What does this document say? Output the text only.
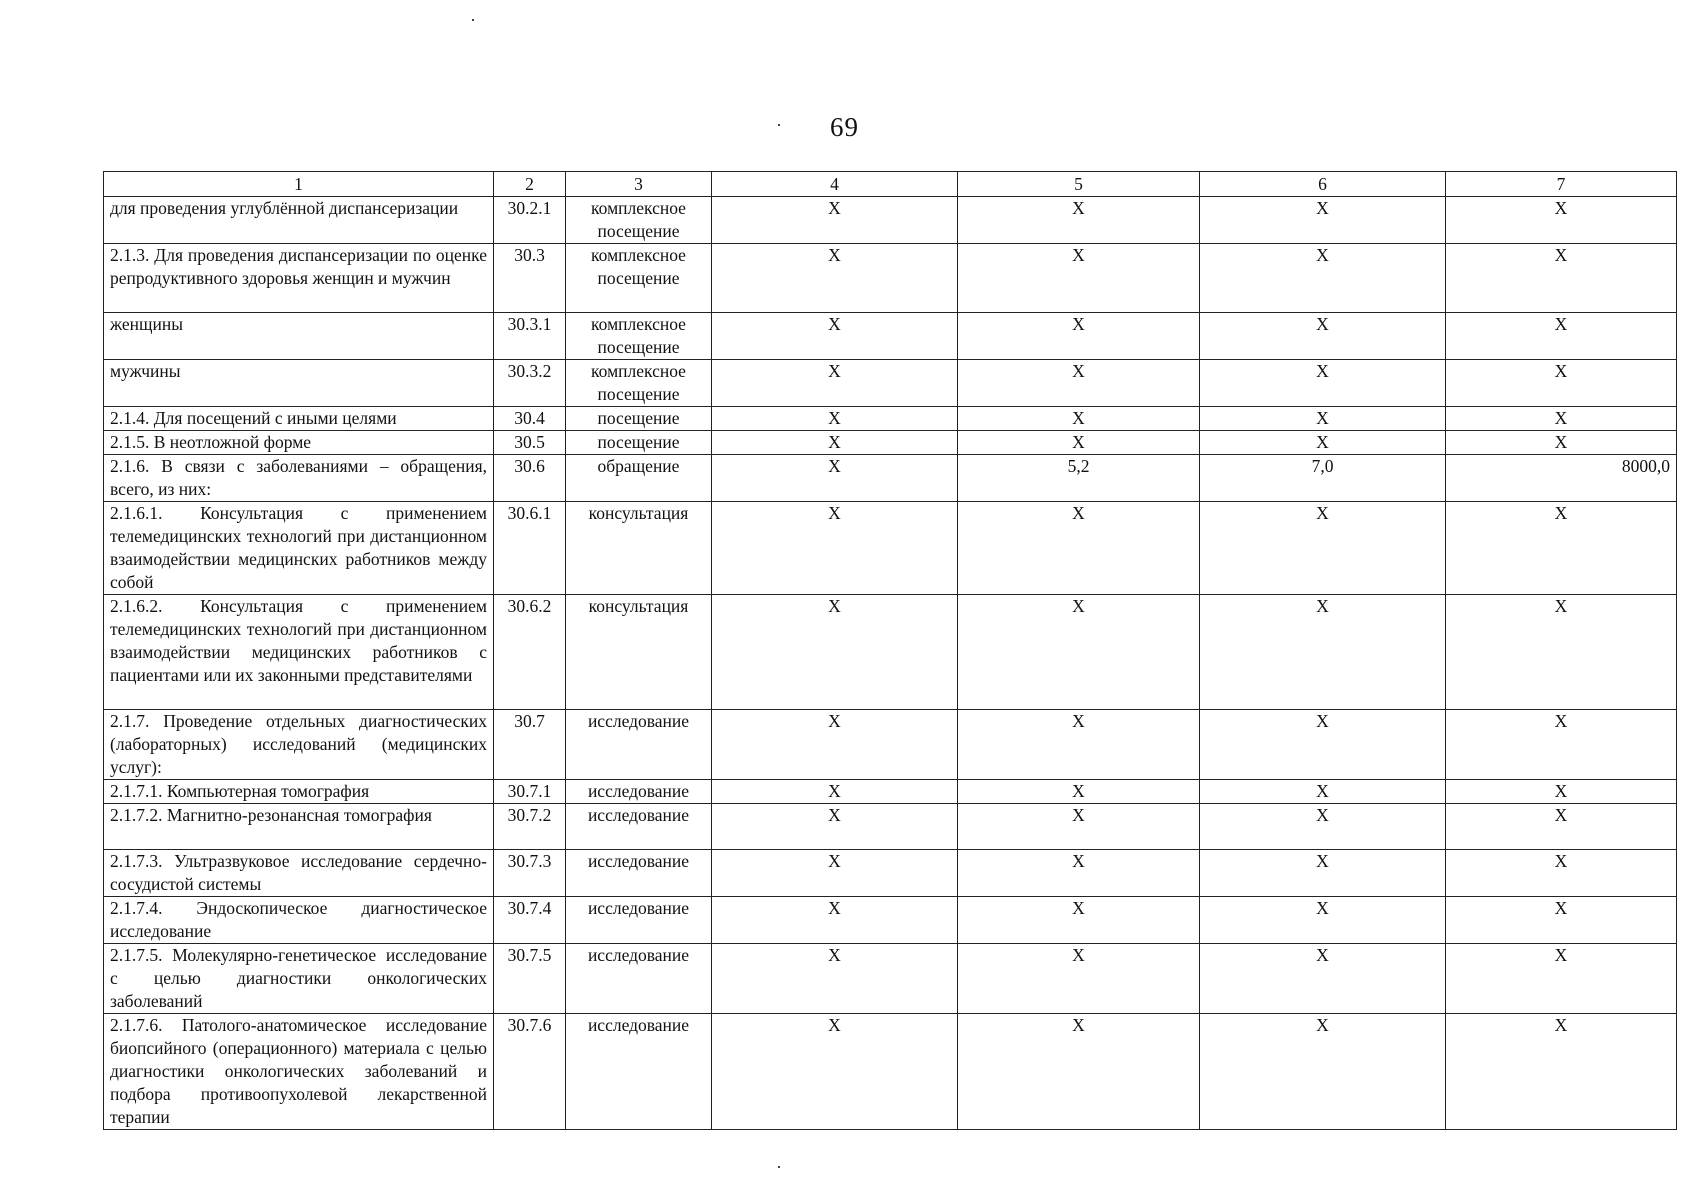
69
1	2	3	4	5	6	7
для проведения углублённой диспансеризации	30.2.1	комплексное посещение	X	X	X	X
2.1.3. Для проведения диспансеризации по оценке репродуктивного здоровья женщин и мужчин	30.3	комплексное посещение	X	X	X	X
женщины	30.3.1	комплексное посещение	X	X	X	X
мужчины	30.3.2	комплексное посещение	X	X	X	X
2.1.4. Для посещений с иными целями	30.4	посещение	X	X	X	X
2.1.5. В неотложной форме	30.5	посещение	X	X	X	X
2.1.6. В связи с заболеваниями – обращения, всего, из них:	30.6	обращение	X	5,2	7,0	8000,0
2.1.6.1. Консультация с применением телемедицинских технологий при дистанционном взаимодействии медицинских работников между собой	30.6.1	консультация	X	X	X	X
2.1.6.2. Консультация с применением телемедицинских технологий при дистанционном взаимодействии медицинских работников с пациентами или их законными представителями	30.6.2	консультация	X	X	X	X
2.1.7. Проведение отдельных диагностических (лабораторных) исследований (медицинских услуг):	30.7	исследование	X	X	X	X
2.1.7.1. Компьютерная томография	30.7.1	исследование	X	X	X	X
2.1.7.2. Магнитно-резонансная томография	30.7.2	исследование	X	X	X	X
2.1.7.3. Ультразвуковое исследование сердечно-сосудистой системы	30.7.3	исследование	X	X	X	X
2.1.7.4. Эндоскопическое диагностическое исследование	30.7.4	исследование	X	X	X	X
2.1.7.5. Молекулярно-генетическое исследование с целью диагностики онкологических заболеваний	30.7.5	исследование	X	X	X	X
2.1.7.6. Патолого-анатомическое исследование биопсийного (операционного) материала с целью диагностики онкологических заболеваний и подбора противоопухолевой лекарственной терапии	30.7.6	исследование	X	X	X	X
